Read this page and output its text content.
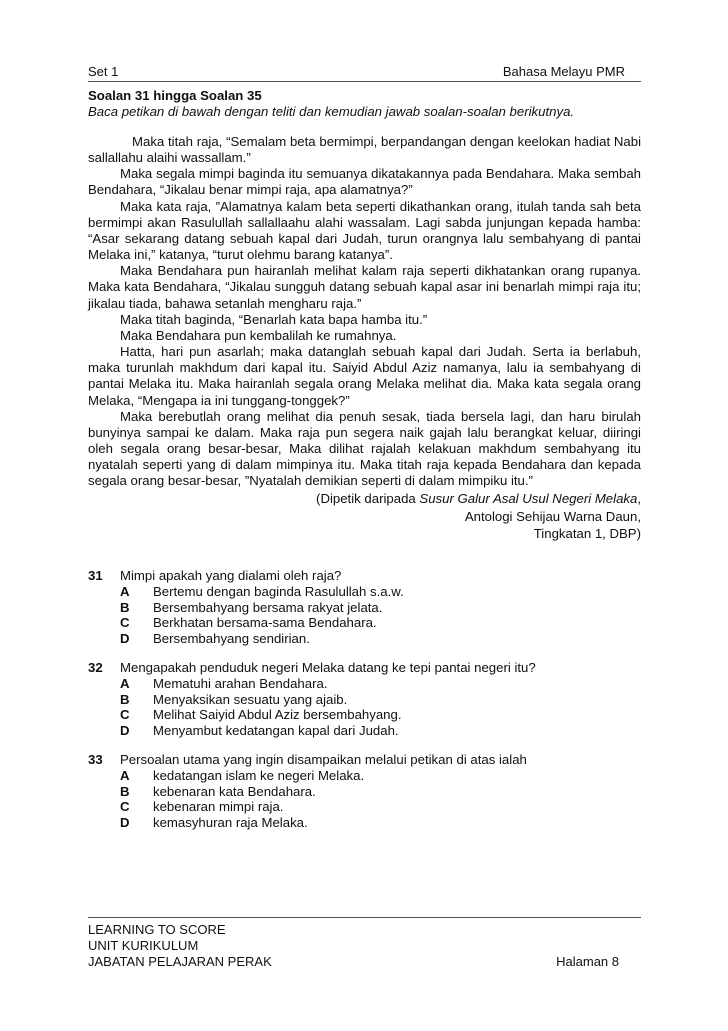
Set 1	Bahasa Melayu PMR
Soalan 31 hingga Soalan 35
Baca petikan di bawah dengan teliti dan kemudian jawab soalan-soalan berikutnya.

Maka titah raja, “Semalam beta bermimpi, berpandangan dengan keelokan hadiat Nabi sallallahu alaihi wassallam.”

Maka segala mimpi baginda itu semuanya dikatakannya pada Bendahara. Maka sembah Bendahara, “Jikalau benar mimpi raja, apa alamatnya?”

Maka kata raja, ”Alamatnya kalam beta seperti dikathankan orang, itulah tanda sah beta bermimpi akan Rasulullah sallallaahu alahi wassalam. Lagi sabda junjungan kepada hamba: “Asar sekarang datang sebuah kapal dari Judah, turun orangnya lalu sembahyang di pantai Melaka ini,” katanya, “turut olehmu barang katanya”.

Maka Bendahara pun hairanlah melihat kalam raja seperti dikhatankan orang rupanya. Maka kata Bendahara, “Jikalau sungguh datang sebuah kapal asar ini benarlah mimpi raja itu; jikalau tiada, bahawa setanlah mengharu raja.”

Maka titah baginda, “Benarlah kata bapa hamba itu.”

Maka Bendahara pun kembalilah ke rumahnya.

Hatta, hari pun asarlah; maka datanglah sebuah kapal dari Judah. Serta ia berlabuh, maka turunlah makhdum dari kapal itu. Saiyid Abdul Aziz namanya, lalu ia sembahyang di pantai Melaka itu. Maka hairanlah segala orang Melaka melihat dia. Maka kata segala orang Melaka, “Mengapa ia ini tunggang-tonggek?”

Maka berebutlah orang melihat dia penuh sesak, tiada bersela lagi, dan haru birulah bunyinya sampai ke dalam. Maka raja pun segera naik gajah lalu berangkat keluar, diiringi oleh segala orang besar-besar, Maka dilihat rajalah kelakuan makhdum sembahyang itu nyatalah seperti yang di dalam mimpinya itu. Maka titah raja kepada Bendahara dan kepada segala orang besar-besar, ”Nyatalah demikian seperti di dalam mimpiku itu.”

(Dipetik daripada Susur Galur Asal Usul Negeri Melaka,
Antologi Sehijau Warna Daun,
Tingkatan 1, DBP)
31	Mimpi apakah yang dialami oleh raja?
A	Bertemu dengan baginda Rasulullah s.a.w.
B	Bersembahyang bersama rakyat jelata.
C	Berkhatan bersama-sama Bendahara.
D	Bersembahyang sendirian.
32	Mengapakah penduduk negeri Melaka datang ke tepi pantai negeri itu?
A	Mematuhi arahan Bendahara.
B	Menyaksikan sesuatu yang ajaib.
C	Melihat Saiyid Abdul Aziz bersembahyang.
D	Menyambut kedatangan kapal dari Judah.
33	Persoalan utama yang ingin disampaikan melalui petikan di atas ialah
A	kedatangan islam ke negeri Melaka.
B	kebenaran kata Bendahara.
C	kebenaran mimpi raja.
D	kemasyhuran raja Melaka.
LEARNING TO SCORE
UNIT KURIKULUM
JABATAN PELAJARAN PERAK	Halaman 8
